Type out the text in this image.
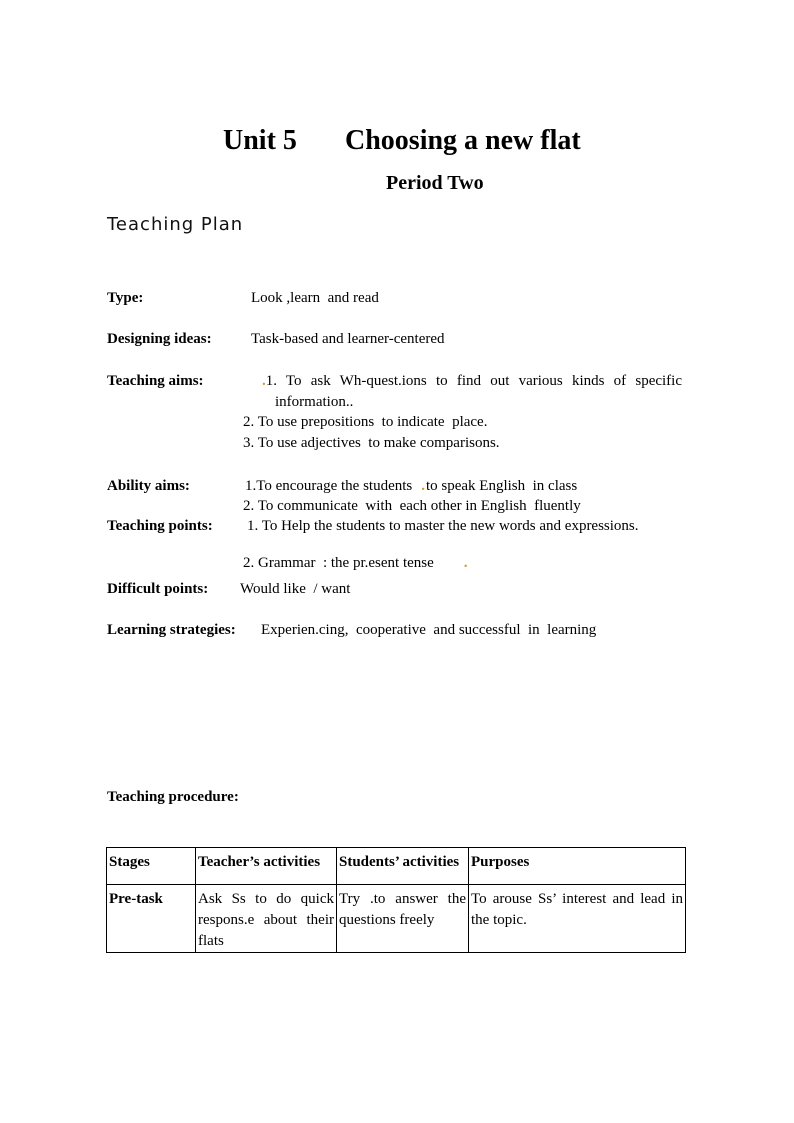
Unit 5 Choosing a new flat
Period Two
Teaching Plan
Type:	Look ,learn  and read
Designing ideas:	Task-based and learner-centered
Teaching aims:	.1. To ask Wh-quest.ions to find out various kinds of specific
information..
2. To use prepositions  to indicate  place.
3. To use adjectives  to make comparisons.
Ability aims:	1.To encourage the students .to speak English  in class
2. To communicate  with  each other in English  fluently
Teaching points: 1. To Help the students to master the new words and expressions.
2. Grammar  : the pr.esent tense .
Difficult points: Would like  / want
Learning strategies: Experien.cing,  cooperative  and successful  in  learning
Teaching procedure:
Stages	Teacher’s activities	Students’ activities	Purposes
Pre-task	Ask Ss to do quick respons.e about their flats	Try .to answer the questions freely	To arouse Ss’ interest and lead in the topic.
